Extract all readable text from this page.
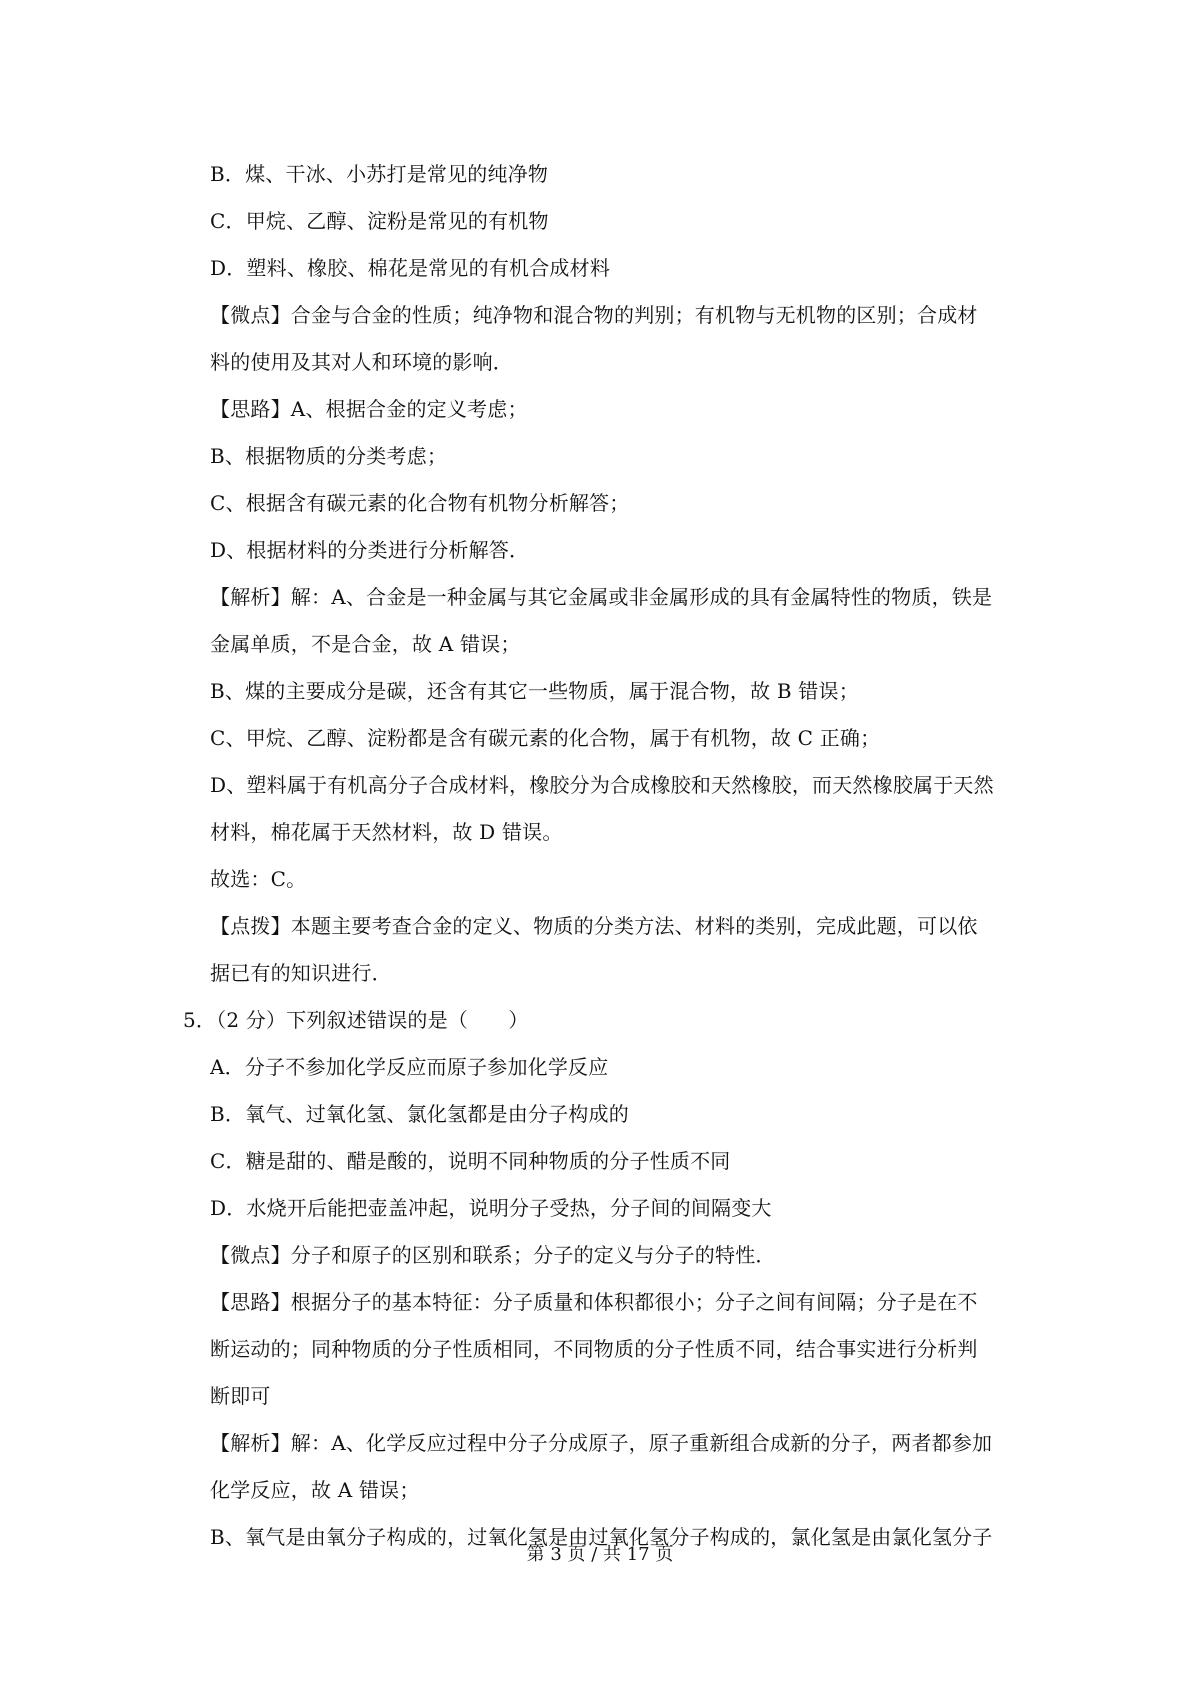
B．煤、干冰、小苏打是常见的纯净物
C．甲烷、乙醇、淀粉是常见的有机物
D．塑料、橡胶、棉花是常见的有机合成材料
【微点】合金与合金的性质；纯净物和混合物的判别；有机物与无机物的区别；合成材
料的使用及其对人和环境的影响．
【思路】A、根据合金的定义考虑；
B、根据物质的分类考虑；
C、根据含有碳元素的化合物有机物分析解答；
D、根据材料的分类进行分析解答．
【解析】解：A、合金是一种金属与其它金属或非金属形成的具有金属特性的物质，铁是
金属单质，不是合金，故 A 错误；
B、煤的主要成分是碳，还含有其它一些物质，属于混合物，故 B 错误；
C、甲烷、乙醇、淀粉都是含有碳元素的化合物，属于有机物，故 C 正确；
D、塑料属于有机高分子合成材料，橡胶分为合成橡胶和天然橡胶，而天然橡胶属于天然
材料，棉花属于天然材料，故 D 错误。
故选：C。
【点拨】本题主要考查合金的定义、物质的分类方法、材料的类别，完成此题，可以依
据已有的知识进行．
5．（2 分）下列叙述错误的是（　　）
A．分子不参加化学反应而原子参加化学反应
B．氧气、过氧化氢、氯化氢都是由分子构成的
C．糖是甜的、醋是酸的，说明不同种物质的分子性质不同
D．水烧开后能把壶盖冲起，说明分子受热，分子间的间隔变大
【微点】分子和原子的区别和联系；分子的定义与分子的特性．
【思路】根据分子的基本特征：分子质量和体积都很小；分子之间有间隔；分子是在不
断运动的；同种物质的分子性质相同，不同物质的分子性质不同，结合事实进行分析判
断即可
【解析】解：A、化学反应过程中分子分成原子，原子重新组合成新的分子，两者都参加
化学反应，故 A 错误；
B、氧气是由氧分子构成的，过氧化氢是由过氧化氢分子构成的，氯化氢是由氯化氢分子
第 3 页 / 共 17 页
